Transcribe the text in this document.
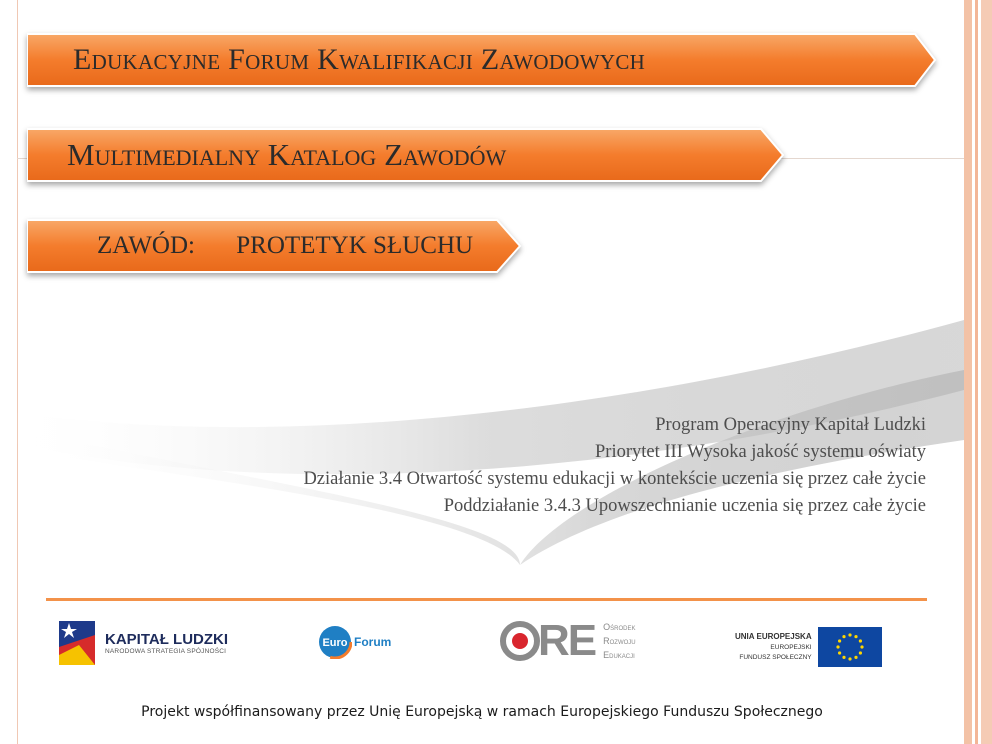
Edukacyjne Forum Kwalifikacji Zawodowych
Multimedialny Katalog Zawodów
ZAWÓD: PROTETYK SŁUCHU
Program Operacyjny Kapitał Ludzki
Priorytet III Wysoka jakość systemu oświaty
Działanie 3.4 Otwartość systemu edukacji w kontekście uczenia się przez całe życie
Poddziałanie 3.4.3 Upowszechnianie uczenia się przez całe życie
KAPITAŁ LUDZKI
NARODOWA STRATEGIA SPÓJNOŚCI
Euro Forum	RE Ośrodek
Rozwoju
Edukacji
UNIA EUROPEJSKA
EUROPEJSKI
FUNDUSZ SPOŁECZNY
Projekt współfinansowany przez Unię Europejską w ramach Europejskiego Funduszu Społecznego
